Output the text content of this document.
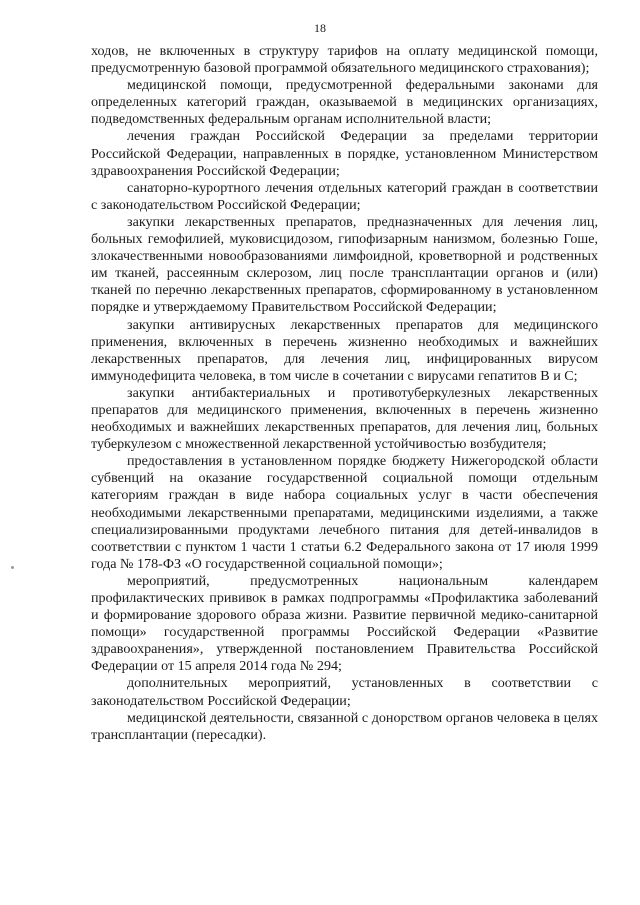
18

ходов, не включенных в структуру тарифов на оплату медицинской помощи, предусмотренную базовой программой обязательного медицинского страхования);

медицинской помощи, предусмотренной федеральными законами для определенных категорий граждан, оказываемой в медицинских организациях, подведомственных федеральным органам исполнительной власти;

лечения граждан Российской Федерации за пределами территории Российской Федерации, направленных в порядке, установленном Министерством здравоохранения Российской Федерации;

санаторно-курортного лечения отдельных категорий граждан в соответствии с законодательством Российской Федерации;

закупки лекарственных препаратов, предназначенных для лечения лиц, больных гемофилией, муковисцидозом, гипофизарным нанизмом, болезнью Гоше, злокачественными новообразованиями лимфоидной, кроветворной и родственных им тканей, рассеянным склерозом, лиц после трансплантации органов и (или) тканей по перечню лекарственных препаратов, сформированному в установленном порядке и утверждаемому Правительством Российской Федерации;

закупки антивирусных лекарственных препаратов для медицинского применения, включенных в перечень жизненно необходимых и важнейших лекарственных препаратов, для лечения лиц, инфицированных вирусом иммунодефицита человека, в том числе в сочетании с вирусами гепатитов В и С;

закупки антибактериальных и противотуберкулезных лекарственных препаратов для медицинского применения, включенных в перечень жизненно необходимых и важнейших лекарственных препаратов, для лечения лиц, больных туберкулезом с множественной лекарственной устойчивостью возбудителя;

предоставления в установленном порядке бюджету Нижегородской области субвенций на оказание государственной социальной помощи отдельным категориям граждан в виде набора социальных услуг в части обеспечения необходимыми лекарственными препаратами, медицинскими изделиями, а также специализированными продуктами лечебного питания для детей-инвалидов в соответствии с пунктом 1 части 1 статьи 6.2 Федерального закона от 17 июля 1999 года № 178-ФЗ «О государственной социальной помощи»;

мероприятий, предусмотренных национальным календарем профилактических прививок в рамках подпрограммы «Профилактика заболеваний и формирование здорового образа жизни. Развитие первичной медико-санитарной помощи» государственной программы Российской Федерации «Развитие здравоохранения», утвержденной постановлением Правительства Российской Федерации от 15 апреля 2014 года № 294;

дополнительных мероприятий, установленных в соответствии с законодательством Российской Федерации;

медицинской деятельности, связанной с донорством органов человека в целях трансплантации (пересадки).
